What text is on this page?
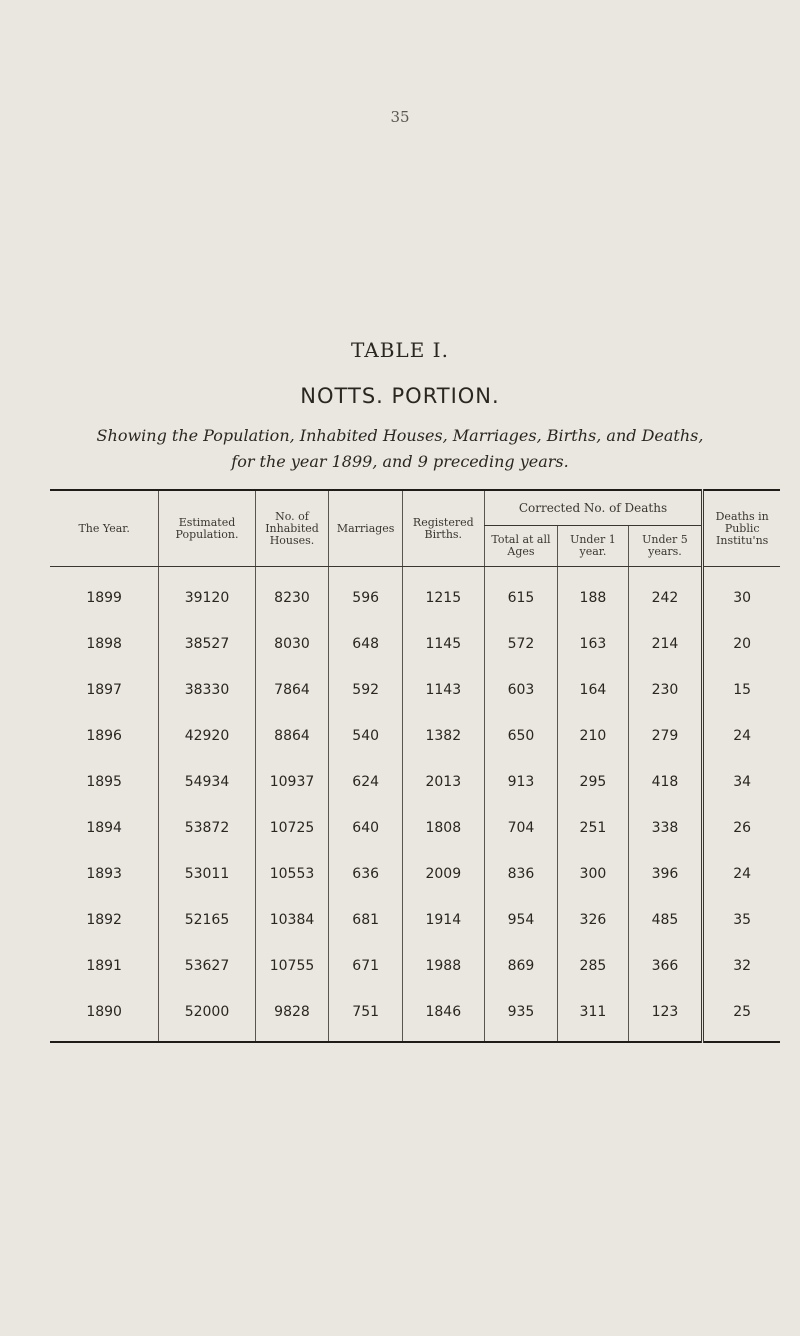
35
TABLE I.
NOTTS. PORTION.
Showing the Population, Inhabited Houses, Marriages, Births, and Deaths,
for the year 1899, and 9 preceding years.
The Year.	Estimated Population.	No. of Inhabited Houses.	Marriages	Registered Births.	Corrected No. of Deaths			Deaths in Public Institu'ns
					Total at all Ages	Under 1 year.	Under 5 years.	
1899	39120	8230	596	1215	615	188	242	30
1898	38527	8030	648	1145	572	163	214	20
1897	38330	7864	592	1143	603	164	230	15
1896	42920	8864	540	1382	650	210	279	24
1895	54934	10937	624	2013	913	295	418	34
1894	53872	10725	640	1808	704	251	338	26
1893	53011	10553	636	2009	836	300	396	24
1892	52165	10384	681	1914	954	326	485	35
1891	53627	10755	671	1988	869	285	366	32
1890	52000	9828	751	1846	935	311	123	25
